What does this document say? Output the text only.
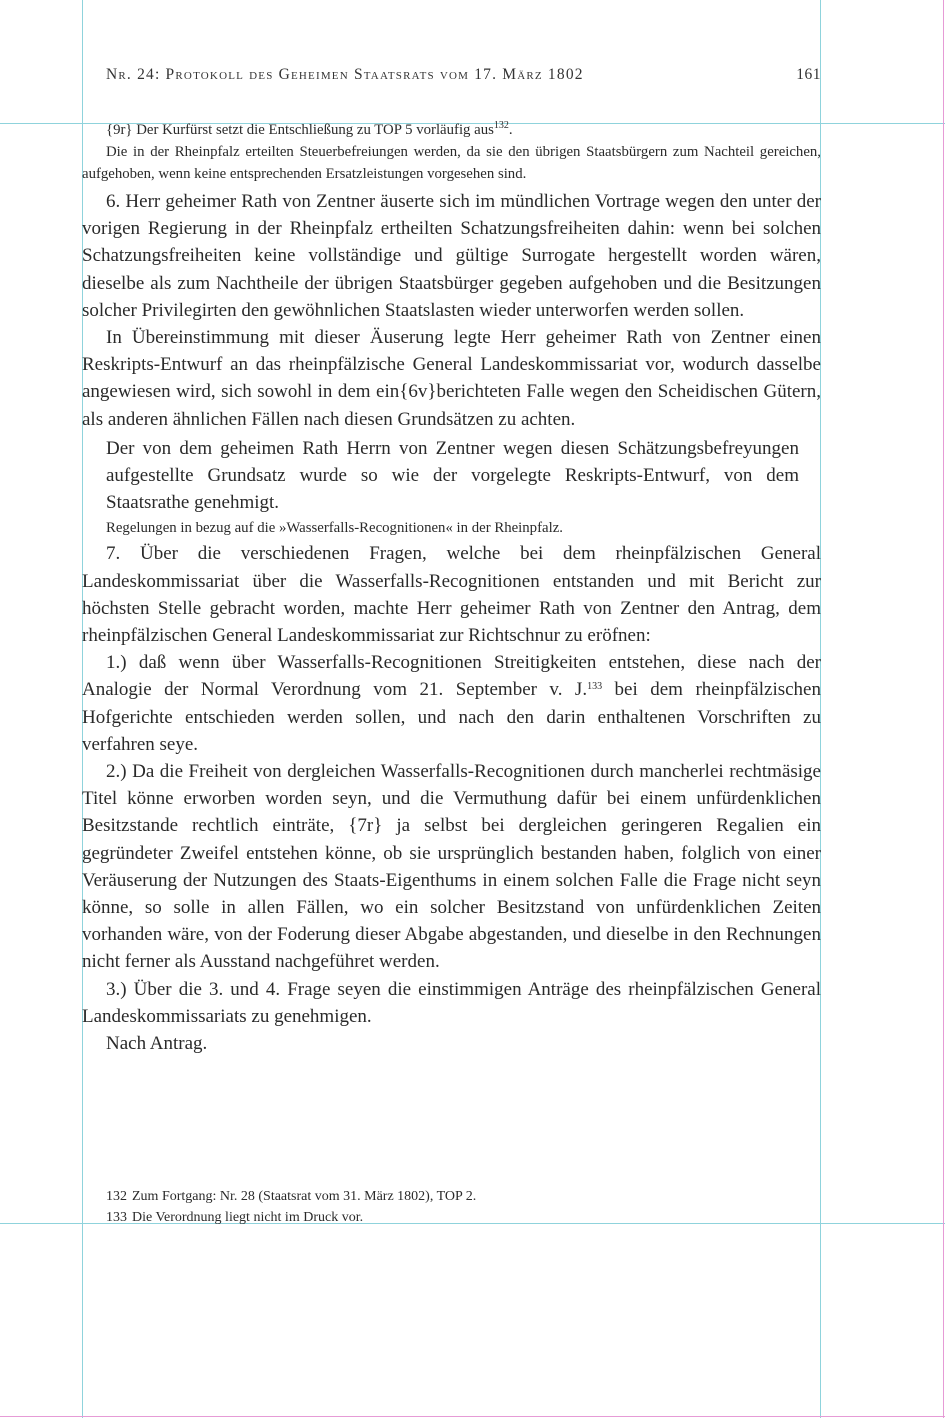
Nr. 24: Protokoll des Geheimen Staatsrats vom 17. März 1802	161

{9r} Der Kurfürst setzt die Entschließung zu TOP 5 vorläufig aus$^{132}$.

Die in der Rheinpfalz erteilten Steuerbefreiungen werden, da sie den übrigen Staatsbürgern zum Nachteil gereichen, aufgehoben, wenn keine entsprechenden Ersatzleistungen vorgesehen sind.

6. Herr geheimer Rath von Zentner äuserte sich im mündlichen Vortrage wegen den unter der vorigen Regierung in der Rheinpfalz ertheilten Schatzungsfreiheiten dahin: wenn bei solchen Schatzungsfreiheiten keine vollständige und gültige Surrogate hergestellt worden wären, dieselbe als zum Nachtheile der übrigen Staatsbürger gegeben aufgehoben und die Besitzungen solcher Privilegirten den gewöhnlichen Staatslasten wieder unterworfen werden sollen.

In Übereinstimmung mit dieser Äuserung legte Herr geheimer Rath von Zentner einen Reskripts-Entwurf an das rheinpfälzische General Landeskommissariat vor, wodurch dasselbe angewiesen wird, sich sowohl in dem ein{6v}berichteten Falle wegen den Scheidischen Gütern, als anderen ähnlichen Fällen nach diesen Grundsätzen zu achten.

Der von dem geheimen Rath Herrn von Zentner wegen diesen Schätzungsbefreyungen aufgestellte Grundsatz wurde so wie der vorgelegte Reskripts-Entwurf, von dem Staatsrathe genehmigt.

Regelungen in bezug auf die »Wasserfalls-Recognitionen« in der Rheinpfalz.

7. Über die verschiedenen Fragen, welche bei dem rheinpfälzischen General Landeskommissariat über die Wasserfalls-Recognitionen entstanden und mit Bericht zur höchsten Stelle gebracht worden, machte Herr geheimer Rath von Zentner den Antrag, dem rheinpfälzischen General Landeskommissariat zur Richtschnur zu eröfnen:

1.) daß wenn über Wasserfalls-Recognitionen Streitigkeiten entstehen, diese nach der Analogie der Normal Verordnung vom 21. September v. J.$^{133}$ bei dem rheinpfälzischen Hofgerichte entschieden werden sollen, und nach den darin enthaltenen Vorschriften zu verfahren seye.

2.) Da die Freiheit von dergleichen Wasserfalls-Recognitionen durch mancherlei rechtmäsige Titel könne erworben worden seyn, und die Vermuthung dafür bei einem unfürdenklichen Besitzstande rechtlich einträte, {7r} ja selbst bei dergleichen geringeren Regalien ein gegründeter Zweifel entstehen könne, ob sie ursprünglich bestanden haben, folglich von einer Veräuserung der Nutzungen des Staats-Eigenthums in einem solchen Falle die Frage nicht seyn könne, so solle in allen Fällen, wo ein solcher Besitzstand von unfürdenklichen Zeiten vorhanden wäre, von der Foderung dieser Abgabe abgestanden, und dieselbe in den Rechnungen nicht ferner als Ausstand nachgeführet werden.

3.) Über die 3. und 4. Frage seyen die einstimmigen Anträge des rheinpfälzischen General Landeskommissariats zu genehmigen.

Nach Antrag.

132 Zum Fortgang: Nr. 28 (Staatsrat vom 31. März 1802), TOP 2.

133 Die Verordnung liegt nicht im Druck vor.
